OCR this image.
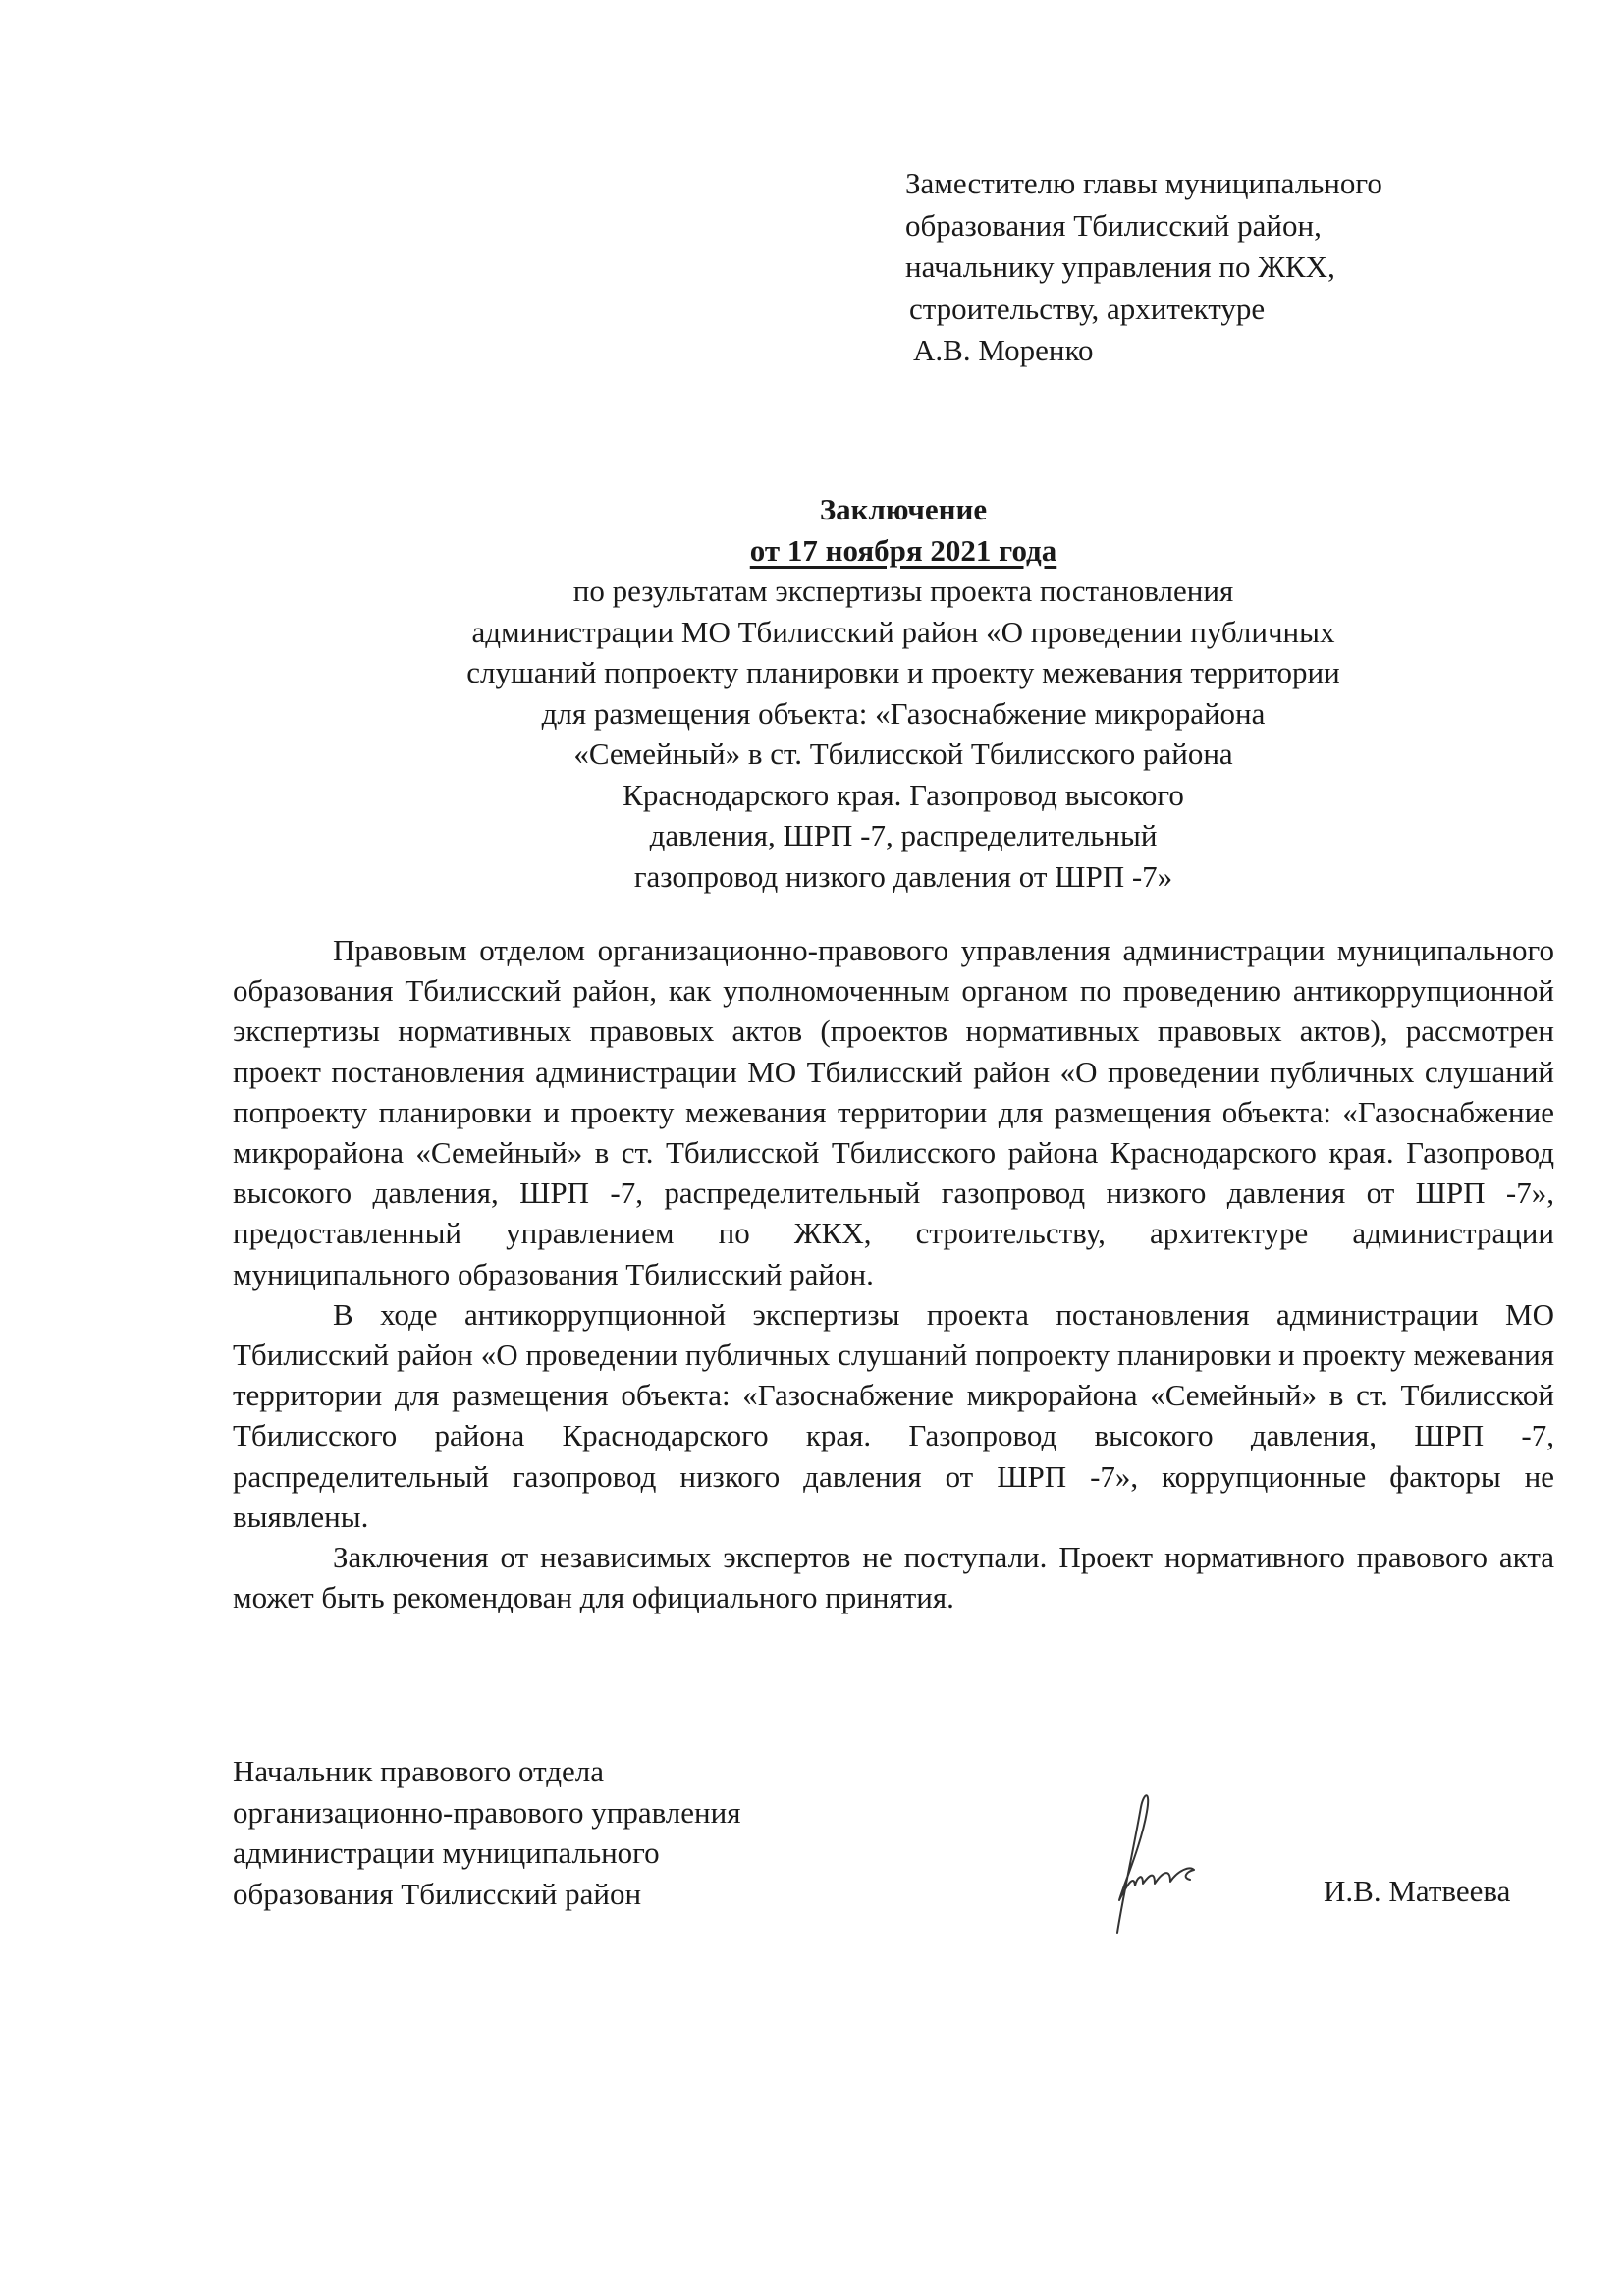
Заместителю главы муниципального
образования Тбилисский район,
начальнику управления по ЖКХ,
строительству, архитектуре
А.В. Моренко
Заключение
от 17 ноября 2021 года
по результатам экспертизы проекта постановления
администрации МО Тбилисский район «О проведении публичных
слушаний попроекту планировки и проекту межевания территории
для размещения объекта: «Газоснабжение микрорайона
«Семейный» в ст. Тбилисской Тбилисского района
Краснодарского края. Газопровод высокого
давления, ШРП -7, распределительный
газопровод низкого давления от ШРП -7»

Правовым отделом организационно-правового управления администрации муниципального образования Тбилисский район, как уполномоченным органом по проведению антикоррупционной экспертизы нормативных правовых актов (проектов нормативных правовых актов), рассмотрен проект постановления администрации МО Тбилисский район «О проведении публичных слушаний попроекту планировки и проекту межевания территории для размещения объекта: «Газоснабжение микрорайона «Семейный» в ст. Тбилисской Тбилисского района Краснодарского края. Газопровод высокого давления, ШРП -7, распределительный газопровод низкого давления от ШРП -7», предоставленный управлением по ЖКХ, строительству, архитектуре администрации муниципального образования Тбилисский район.

В ходе антикоррупционной экспертизы проекта постановления администрации МО Тбилисский район «О проведении публичных слушаний попроекту планировки и проекту межевания территории для размещения объекта: «Газоснабжение микрорайона «Семейный» в ст. Тбилисской Тбилисского района Краснодарского края. Газопровод высокого давления, ШРП -7, распределительный газопровод низкого давления от ШРП -7», коррупционные факторы не выявлены.

Заключения от независимых экспертов не поступали. Проект нормативного правового акта может быть рекомендован для официального принятия.

Начальник правового отдела
организационно-правового управления
администрации муниципального
образования Тбилисский район	И.В. Матвеева
